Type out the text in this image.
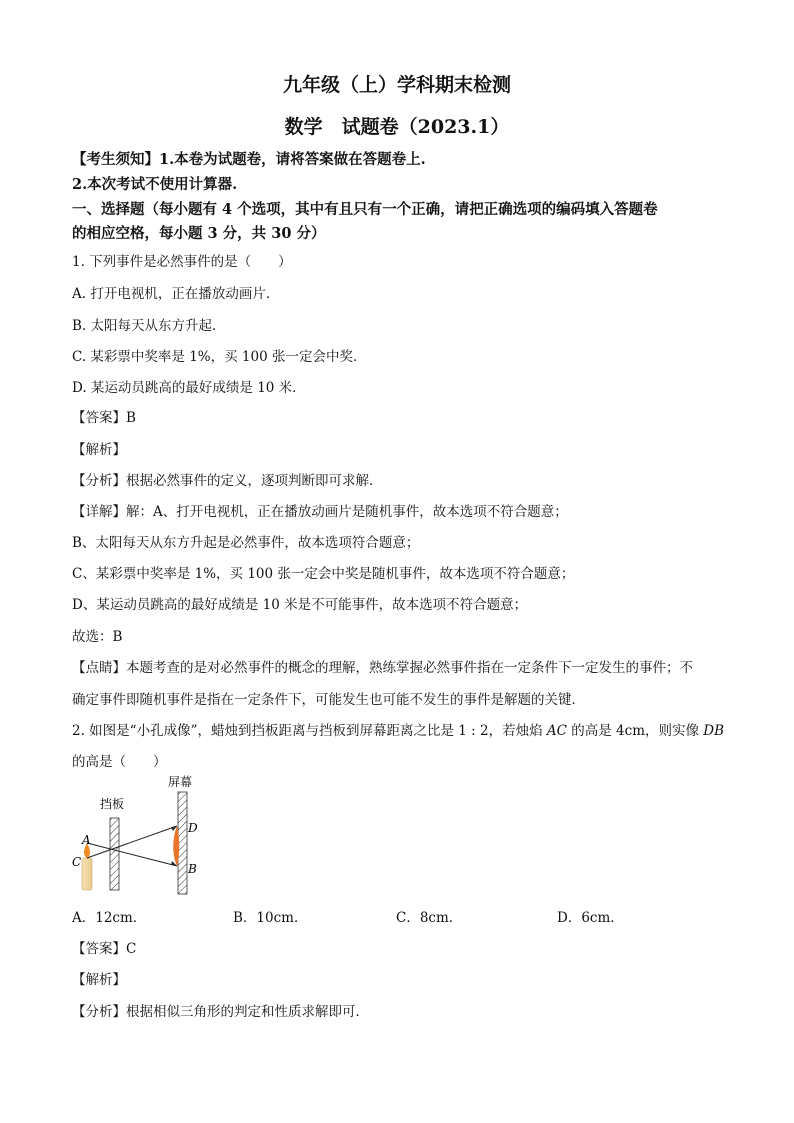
九年级（上）学科期末检测
数学　试题卷（2023.1）
【考生须知】1.本卷为试题卷，请将答案做在答题卷上.
2.本次考试不使用计算器.
一、选择题（每小题有 4 个选项，其中有且只有一个正确，请把正确选项的编码填入答题卷
的相应空格，每小题 3 分，共 30 分）
1. 下列事件是必然事件的是（　　）
A. 打开电视机，正在播放动画片．
B. 太阳每天从东方升起．
C. 某彩票中奖率是 1%，买 100 张一定会中奖．
D. 某运动员跳高的最好成绩是 10 米．
【答案】B
【解析】
【分析】根据必然事件的定义，逐项判断即可求解．
【详解】解：A、打开电视机，正在播放动画片是随机事件，故本选项不符合题意；
B、太阳每天从东方升起是必然事件，故本选项符合题意；
C、某彩票中奖率是 1%，买 100 张一定会中奖是随机事件，故本选项不符合题意；
D、某运动员跳高的最好成绩是 10 米是不可能事件，故本选项不符合题意；
故选：B
【点睛】本题考查的是对必然事件的概念的理解，熟练掌握必然事件指在一定条件下一定发生的事件；不
确定事件即随机事件是指在一定条件下，可能发生也可能不发生的事件是解题的关键．
2. 如图是“小孔成像”，蜡烛到挡板距离与挡板到屏幕距离之比是 1 : 2，若烛焰 AC 的高是 4cm，则实像 DB
的高是（　　）
屏幕
挡板
A
C
D
B
A．12cm．	B．10cm．	C．8cm．	D．6cm．
【答案】C
【解析】
【分析】根据相似三角形的判定和性质求解即可．
